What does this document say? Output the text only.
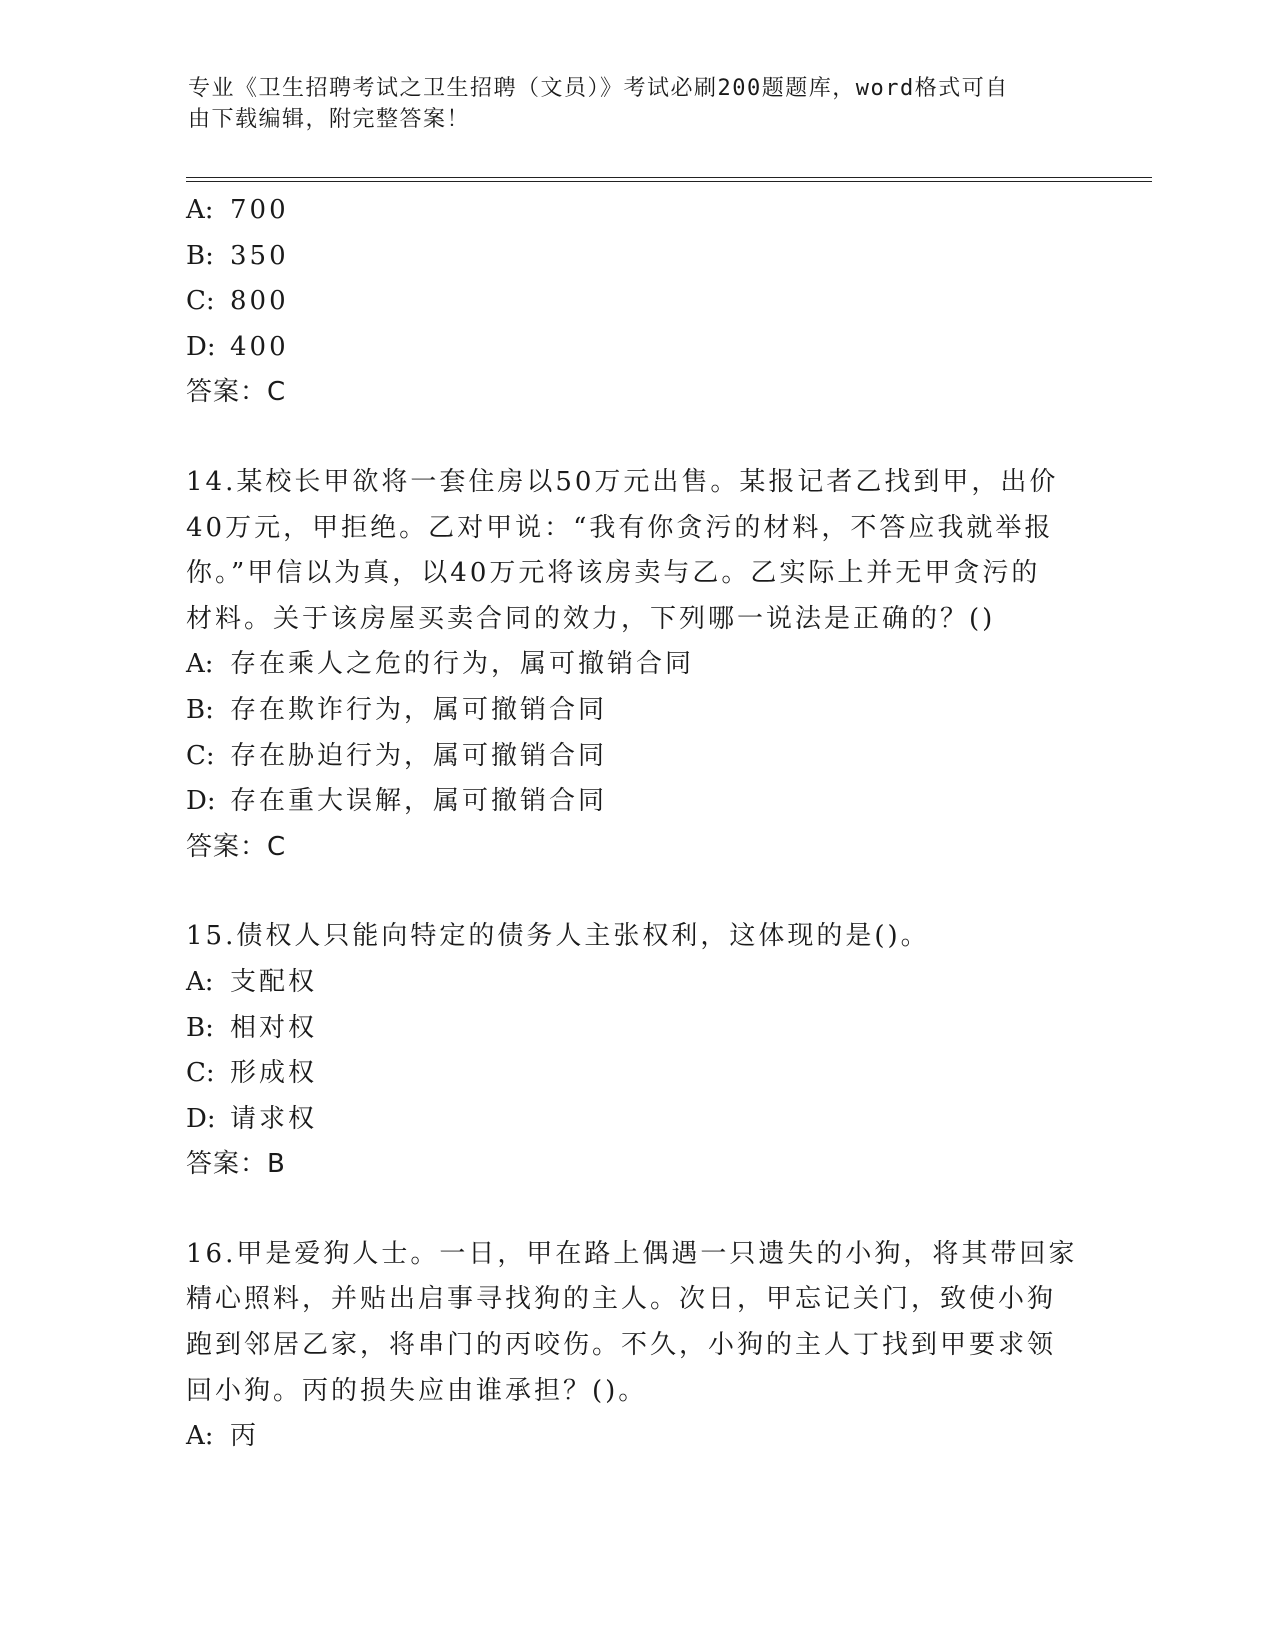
专业《卫生招聘考试之卫生招聘（文员）》考试必刷200题题库，word格式可自
由下载编辑，附完整答案！
A: 700
B: 350
C: 800
D: 400
答案：C
14.某校长甲欲将一套住房以50万元出售。某报记者乙找到甲，出价
40万元，甲拒绝。乙对甲说：“我有你贪污的材料，不答应我就举报
你。”甲信以为真，以40万元将该房卖与乙。乙实际上并无甲贪污的
材料。关于该房屋买卖合同的效力，下列哪一说法是正确的？()
A: 存在乘人之危的行为，属可撤销合同
B: 存在欺诈行为，属可撤销合同
C: 存在胁迫行为，属可撤销合同
D: 存在重大误解，属可撤销合同
答案：C
15.债权人只能向特定的债务人主张权利，这体现的是()。
A: 支配权
B: 相对权
C: 形成权
D: 请求权
答案：B
16.甲是爱狗人士。一日，甲在路上偶遇一只遗失的小狗，将其带回家
精心照料，并贴出启事寻找狗的主人。次日，甲忘记关门，致使小狗
跑到邻居乙家，将串门的丙咬伤。不久，小狗的主人丁找到甲要求领
回小狗。丙的损失应由谁承担？()。
A: 丙
